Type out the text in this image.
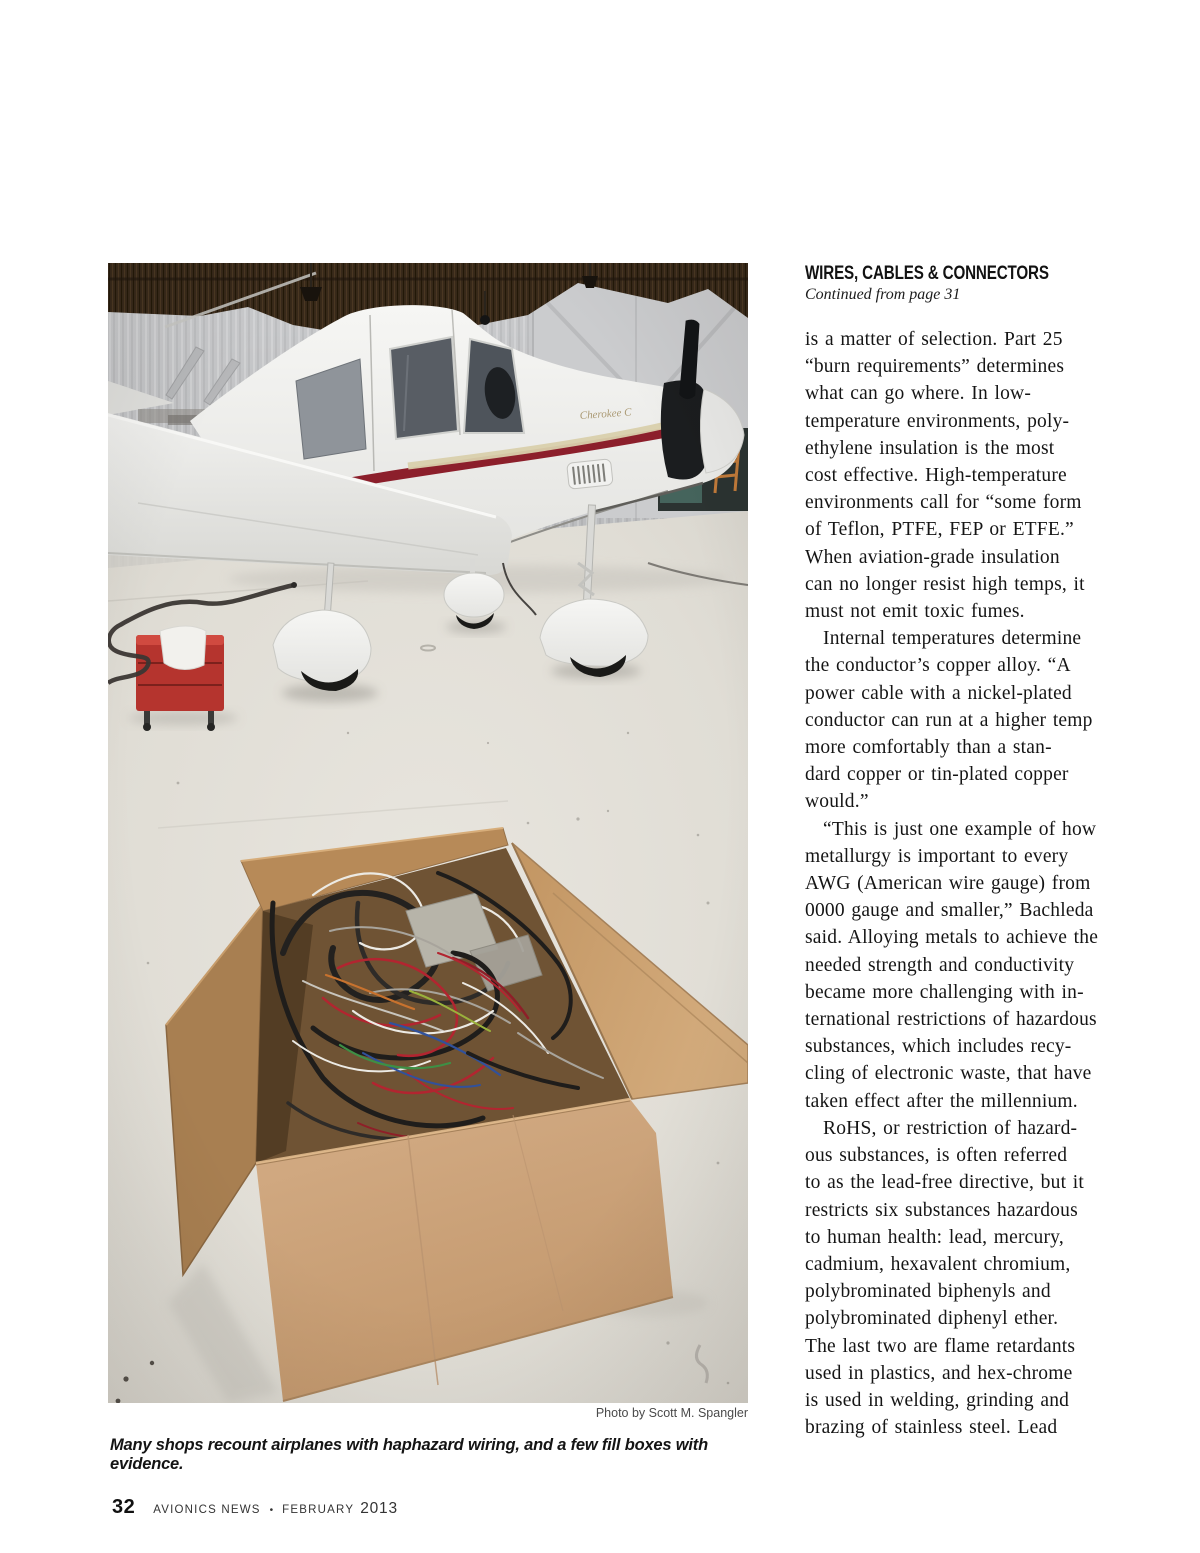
Photo by Scott M. Spangler
Many shops recount airplanes with haphazard wiring, and a few fill boxes with evidence.
WIRES, CABLES & CONNECTORS
Continued from page 31

is a matter of selection. Part 25
“burn requirements” determines
what can go where. In low-
temperature environments, poly-
ethylene insulation is the most
cost effective. High-temperature
environments call for “some form
of Teflon, PTFE, FEP or ETFE.”
When aviation-grade insulation
can no longer resist high temps, it
must not emit toxic fumes.

Internal temperatures determine
the conductor’s copper alloy. “A
power cable with a nickel-plated
conductor can run at a higher temp
more comfortably than a stan-
dard copper or tin-plated copper
would.”

“This is just one example of how
metallurgy is important to every
AWG (American wire gauge) from
0000 gauge and smaller,” Bachleda
said. Alloying metals to achieve the
needed strength and conductivity
became more challenging with in-
ternational restrictions of hazardous
substances, which includes recy-
cling of electronic waste, that have
taken effect after the millennium.

RoHS, or restriction of hazard-
ous substances, is often referred
to as the lead-free directive, but it
restricts six substances hazardous
to human health: lead, mercury,
cadmium, hexavalent chromium,
polybrominated biphenyls and
polybrominated diphenyl ether.
The last two are flame retardants
used in plastics, and hex-chrome
is used in welding, grinding and
brazing of stainless steel. Lead

32 AVIONICS NEWS • FEBRUARY 2013
